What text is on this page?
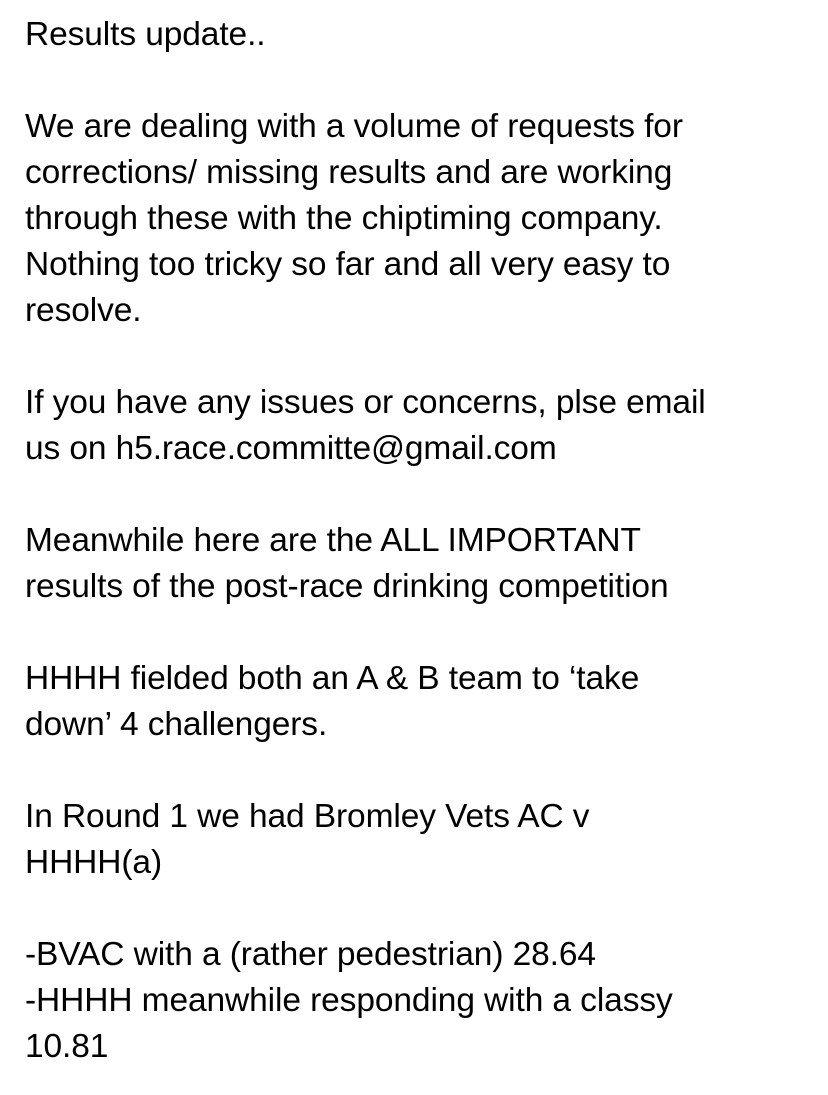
Results update..
We are dealing with a volume of requests for
corrections/ missing results and are working
through these with the chiptiming company.
Nothing too tricky so far and all very easy to
resolve.
If you have any issues or concerns, plse email
us on h5.race.committe@gmail.com
Meanwhile here are the ALL IMPORTANT
results of the post-race drinking competition
HHHH fielded both an A & B team to ‘take
down’ 4 challengers.
In Round 1 we had Bromley Vets AC v
HHHH(a)
-BVAC with a (rather pedestrian) 28.64
-HHHH meanwhile responding with a classy
10.81
